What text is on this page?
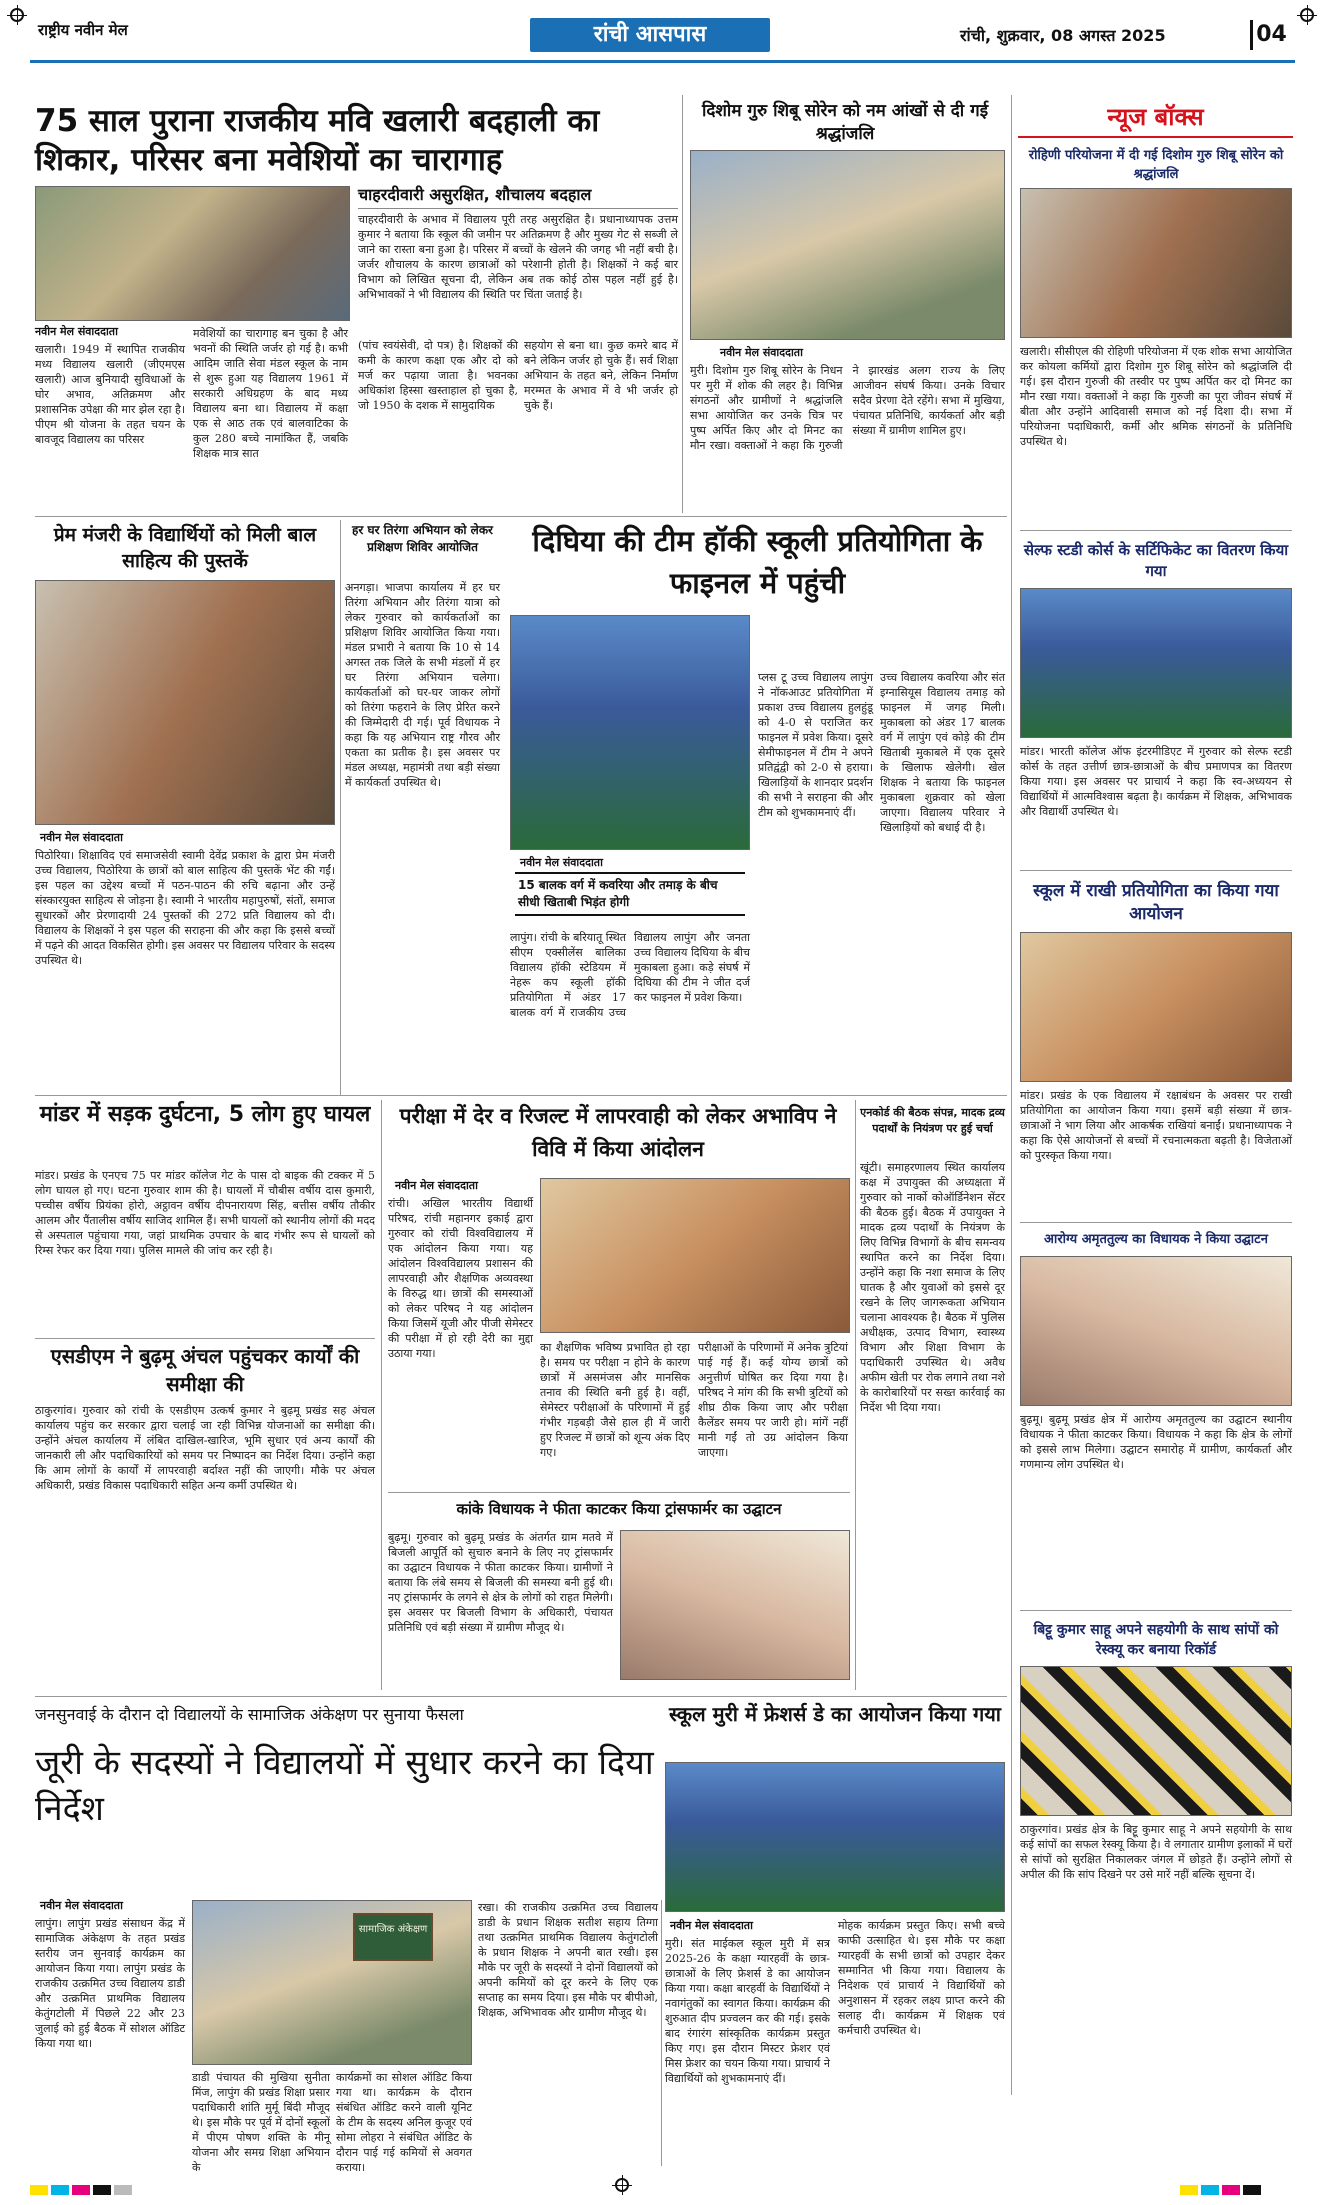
राष्ट्रीय नवीन मेल	रांची आसपास	रांची, शुक्रवार, 08 अगस्त 2025	04
75 साल पुराना राजकीय मवि खलारी बदहाली का शिकार, परिसर बना मवेशियों का चारागाह
नवीन मेल संवाददाता
खलारी। 1949 में स्थापित राजकीय मध्य विद्यालय खलारी (जीएमएस खलारी) आज बुनियादी सुविधाओं के घोर अभाव, अतिक्रमण और प्रशासनिक उपेक्षा की मार झेल रहा है। पीएम श्री योजना के तहत चयन के बावजूद विद्यालय का परिसर
मवेशियों का चारागाह बन चुका है और भवनों की स्थिति जर्जर हो गई है। कभी आदिम जाति सेवा मंडल स्कूल के नाम से शुरू हुआ यह विद्यालय 1961 में सरकारी अधिग्रहण के बाद मध्य विद्यालय बना था। विद्यालय में कक्षा एक से आठ तक एवं बालवाटिका के कुल 280 बच्चे नामांकित हैं, जबकि शिक्षक मात्र सात
चाहरदीवारी असुरक्षित, शौचालय बदहाल
चाहरदीवारी के अभाव में विद्यालय पूरी तरह असुरक्षित है। प्रधानाध्यापक उत्तम कुमार ने बताया कि स्कूल की जमीन पर अतिक्रमण है और मुख्य गेट से सब्जी ले जाने का रास्ता बना हुआ है। परिसर में बच्चों के खेलने की जगह भी नहीं बची है। जर्जर शौचालय के कारण छात्राओं को परेशानी होती है। शिक्षकों ने कई बार विभाग को लिखित सूचना दी, लेकिन अब तक कोई ठोस पहल नहीं हुई है। अभिभावकों ने भी विद्यालय की स्थिति पर चिंता जताई है।
(पांच स्वयंसेवी, दो पत्र) है। शिक्षकों की कमी के कारण कक्षा एक और दो को मर्ज कर पढ़ाया जाता है। भवनका अधिकांश हिस्सा खस्ताहाल हो चुका है, जो 1950 के दशक में सामुदायिक
सहयोग से बना था। कुछ कमरे बाद में बने लेकिन जर्जर हो चुके हैं। सर्व शिक्षा अभियान के तहत बने, लेकिन निर्माण मरम्मत के अभाव में वे भी जर्जर हो चुके हैं।
दिशोम गुरु शिबू सोरेन को नम आंखों से दी गई श्रद्धांजलि
नवीन मेल संवाददाता
मुरी। दिशोम गुरु शिबू सोरेन के निधन पर मुरी में शोक की लहर है। विभिन्न संगठनों और ग्रामीणों ने श्रद्धांजलि सभा आयोजित कर उनके चित्र पर पुष्प अर्पित किए और दो मिनट का मौन रखा। वक्ताओं ने कहा कि गुरुजी ने झारखंड अलग राज्य के लिए आजीवन संघर्ष किया। उनके विचार सदैव प्रेरणा देते रहेंगे। सभा में मुखिया, पंचायत प्रतिनिधि, कार्यकर्ता और बड़ी संख्या में ग्रामीण शामिल हुए।
न्यूज बॉक्स
रोहिणी परियोजना में दी गई दिशोम गुरु शिबू सोरेन को श्रद्धांजलि
खलारी। सीसीएल की रोहिणी परियोजना में एक शोक सभा आयोजित कर कोयला कर्मियों द्वारा दिशोम गुरु शिबू सोरेन को श्रद्धांजलि दी गई। इस दौरान गुरुजी की तस्वीर पर पुष्प अर्पित कर दो मिनट का मौन रखा गया। वक्ताओं ने कहा कि गुरुजी का पूरा जीवन संघर्ष में बीता और उन्होंने आदिवासी समाज को नई दिशा दी। सभा में परियोजना पदाधिकारी, कर्मी और श्रमिक संगठनों के प्रतिनिधि उपस्थित थे।
सेल्फ स्टडी कोर्स के सर्टिफिकेट का वितरण किया गया
मांडर। भारती कॉलेज ऑफ इंटरमीडिएट में गुरुवार को सेल्फ स्टडी कोर्स के तहत उत्तीर्ण छात्र-छात्राओं के बीच प्रमाणपत्र का वितरण किया गया। इस अवसर पर प्राचार्य ने कहा कि स्व-अध्ययन से विद्यार्थियों में आत्मविश्वास बढ़ता है। कार्यक्रम में शिक्षक, अभिभावक और विद्यार्थी उपस्थित थे।
स्कूल में राखी प्रतियोगिता का किया गया आयोजन
मांडर। प्रखंड के एक विद्यालय में रक्षाबंधन के अवसर पर राखी प्रतियोगिता का आयोजन किया गया। इसमें बड़ी संख्या में छात्र-छात्राओं ने भाग लिया और आकर्षक राखियां बनाईं। प्रधानाध्यापक ने कहा कि ऐसे आयोजनों से बच्चों में रचनात्मकता बढ़ती है। विजेताओं को पुरस्कृत किया गया।
आरोग्य अमृततुल्य का विधायक ने किया उद्घाटन
बुढ़मू। बुढ़मू प्रखंड क्षेत्र में आरोग्य अमृततुल्य का उद्घाटन स्थानीय विधायक ने फीता काटकर किया। विधायक ने कहा कि क्षेत्र के लोगों को इससे लाभ मिलेगा। उद्घाटन समारोह में ग्रामीण, कार्यकर्ता और गणमान्य लोग उपस्थित थे।
बिट्टू कुमार साहू अपने सहयोगी के साथ सांपों को रेस्क्यू कर बनाया रिकॉर्ड
ठाकुरगांव। प्रखंड क्षेत्र के बिट्टू कुमार साहू ने अपने सहयोगी के साथ कई सांपों का सफल रेस्क्यू किया है। वे लगातार ग्रामीण इलाकों में घरों से सांपों को सुरक्षित निकालकर जंगल में छोड़ते हैं। उन्होंने लोगों से अपील की कि सांप दिखने पर उसे मारें नहीं बल्कि सूचना दें।
प्रेम मंजरी के विद्यार्थियों को मिली बाल साहित्य की पुस्तकें
नवीन मेल संवाददाता
पिठोरिया। शिक्षाविद एवं समाजसेवी स्वामी देवेंद्र प्रकाश के द्वारा प्रेम मंजरी उच्च विद्यालय, पिठोरिया के छात्रों को बाल साहित्य की पुस्तकें भेंट की गईं। इस पहल का उद्देश्य बच्चों में पठन-पाठन की रुचि बढ़ाना और उन्हें संस्कारयुक्त साहित्य से जोड़ना है। स्वामी ने भारतीय महापुरुषों, संतों, समाज सुधारकों और प्रेरणादायी 24 पुस्तकों की 272 प्रति विद्यालय को दी। विद्यालय के शिक्षकों ने इस पहल की सराहना की और कहा कि इससे बच्चों में पढ़ने की आदत विकसित होगी। इस अवसर पर विद्यालय परिवार के सदस्य उपस्थित थे।
हर घर तिरंगा अभियान को लेकर प्रशिक्षण शिविर आयोजित
अनगड़ा। भाजपा कार्यालय में हर घर तिरंगा अभियान और तिरंगा यात्रा को लेकर गुरुवार को कार्यकर्ताओं का प्रशिक्षण शिविर आयोजित किया गया। मंडल प्रभारी ने बताया कि 10 से 14 अगस्त तक जिले के सभी मंडलों में हर घर तिरंगा अभियान चलेगा। कार्यकर्ताओं को घर-घर जाकर लोगों को तिरंगा फहराने के लिए प्रेरित करने की जिम्मेदारी दी गई। पूर्व विधायक ने कहा कि यह अभियान राष्ट्र गौरव और एकता का प्रतीक है। इस अवसर पर मंडल अध्यक्ष, महामंत्री तथा बड़ी संख्या में कार्यकर्ता उपस्थित थे।
दिघिया की टीम हॉकी स्कूली प्रतियोगिता के फाइनल में पहुंची
नवीन मेल संवाददाता
15 बालक वर्ग में कवरिया और तमाड़ के बीच सीधी खिताबी भिड़ंत होगी
लापुंग। रांची के बरियातू स्थित सीएम एक्सीलेंस बालिका विद्यालय हॉकी स्टेडियम में नेहरू कप स्कूली हॉकी प्रतियोगिता में अंडर 17 बालक वर्ग में राजकीय उच्च विद्यालय लापुंग और जनता उच्च विद्यालय दिघिया के बीच मुकाबला हुआ। कड़े संघर्ष में दिघिया की टीम ने जीत दर्ज कर फाइनल में प्रवेश किया।
प्लस टू उच्च विद्यालय लापुंग ने नॉकआउट प्रतियोगिता में प्रकाश उच्च विद्यालय हुलहुंडू को 4-0 से पराजित कर फाइनल में प्रवेश किया। दूसरे सेमीफाइनल में टीम ने अपने प्रतिद्वंद्वी को 2-0 से हराया। खिलाड़ियों के शानदार प्रदर्शन की सभी ने सराहना की और टीम को शुभकामनाएं दीं।
उच्च विद्यालय कवरिया और संत इग्नासियूस विद्यालय तमाड़ को फाइनल में जगह मिली। मुकाबला को अंडर 17 बालक वर्ग में लापुंग एवं कोड़े की टीम खिताबी मुकाबले में एक दूसरे के खिलाफ खेलेगी। खेल शिक्षक ने बताया कि फाइनल मुकाबला शुक्रवार को खेला जाएगा। विद्यालय परिवार ने खिलाड़ियों को बधाई दी है।
मांडर में सड़क दुर्घटना, 5 लोग हुए घायल
मांडर। प्रखंड के एनएच 75 पर मांडर कॉलेज गेट के पास दो बाइक की टक्कर में 5 लोग घायल हो गए। घटना गुरुवार शाम की है। घायलों में चौबीस वर्षीय दास कुमारी, पच्चीस वर्षीय प्रियंका होरो, अट्ठावन वर्षीय दीपनारायण सिंह, बत्तीस वर्षीय तौकीर आलम और पैंतालीस वर्षीय साजिद शामिल हैं। सभी घायलों को स्थानीय लोगों की मदद से अस्पताल पहुंचाया गया, जहां प्राथमिक उपचार के बाद गंभीर रूप से घायलों को रिम्स रेफर कर दिया गया। पुलिस मामले की जांच कर रही है।
एसडीएम ने बुढ़मू अंचल पहुंचकर कार्यों की समीक्षा की
ठाकुरगांव। गुरुवार को रांची के एसडीएम उत्कर्ष कुमार ने बुढ़मू प्रखंड सह अंचल कार्यालय पहुंच कर सरकार द्वारा चलाई जा रही विभिन्न योजनाओं का समीक्षा की। उन्होंने अंचल कार्यालय में लंबित दाखिल-खारिज, भूमि सुधार एवं अन्य कार्यों की जानकारी ली और पदाधिकारियों को समय पर निष्पादन का निर्देश दिया। उन्होंने कहा कि आम लोगों के कार्यों में लापरवाही बर्दाश्त नहीं की जाएगी। मौके पर अंचल अधिकारी, प्रखंड विकास पदाधिकारी सहित अन्य कर्मी उपस्थित थे।
परीक्षा में देर व रिजल्ट में लापरवाही को लेकर अभाविप ने विवि में किया आंदोलन
नवीन मेल संवाददाता
रांची। अखिल भारतीय विद्यार्थी परिषद, रांची महानगर इकाई द्वारा गुरुवार को रांची विश्वविद्यालय में एक आंदोलन किया गया। यह आंदोलन विश्वविद्यालय प्रशासन की लापरवाही और शैक्षणिक अव्यवस्था के विरुद्ध था। छात्रों की समस्याओं को लेकर परिषद ने यह आंदोलन किया जिसमें यूजी और पीजी सेमेस्टर की परीक्षा में हो रही देरी का मुद्दा उठाया गया।	का शैक्षणिक भविष्य प्रभावित हो रहा है। समय पर परीक्षा न होने के कारण छात्रों में असमंजस और मानसिक तनाव की स्थिति बनी हुई है। वहीं, सेमेस्टर परीक्षाओं के परिणामों में हुई गंभीर गड़बड़ी जैसे हाल ही में जारी हुए रिजल्ट में छात्रों को शून्य अंक दिए गए।
परीक्षाओं के परिणामों में अनेक त्रुटियां पाई गई हैं। कई योग्य छात्रों को अनुत्तीर्ण घोषित कर दिया गया है। परिषद ने मांग की कि सभी त्रुटियों को शीघ्र ठीक किया जाए और परीक्षा कैलेंडर समय पर जारी हो। मांगें नहीं मानी गईं तो उग्र आंदोलन किया जाएगा।
एनकोर्ड की बैठक संपन्न, मादक द्रव्य पदार्थों के नियंत्रण पर हुई चर्चा
खूंटी। समाहरणालय स्थित कार्यालय कक्ष में उपायुक्त की अध्यक्षता में गुरुवार को नार्को कोऑर्डिनेशन सेंटर की बैठक हुई। बैठक में उपायुक्त ने मादक द्रव्य पदार्थों के नियंत्रण के लिए विभिन्न विभागों के बीच समन्वय स्थापित करने का निर्देश दिया। उन्होंने कहा कि नशा समाज के लिए घातक है और युवाओं को इससे दूर रखने के लिए जागरूकता अभियान चलाना आवश्यक है। बैठक में पुलिस अधीक्षक, उत्पाद विभाग, स्वास्थ्य विभाग और शिक्षा विभाग के पदाधिकारी उपस्थित थे। अवैध अफीम खेती पर रोक लगाने तथा नशे के कारोबारियों पर सख्त कार्रवाई का निर्देश भी दिया गया।
कांके विधायक ने फीता काटकर किया ट्रांसफार्मर का उद्घाटन
बुढ़मू। गुरुवार को बुढ़मू प्रखंड के अंतर्गत ग्राम मतवे में बिजली आपूर्ति को सुचारु बनाने के लिए नए ट्रांसफार्मर का उद्घाटन विधायक ने फीता काटकर किया। ग्रामीणों ने बताया कि लंबे समय से बिजली की समस्या बनी हुई थी। नए ट्रांसफार्मर के लगने से क्षेत्र के लोगों को राहत मिलेगी। इस अवसर पर बिजली विभाग के अधिकारी, पंचायत प्रतिनिधि एवं बड़ी संख्या में ग्रामीण मौजूद थे।
जनसुनवाई के दौरान दो विद्यालयों के सामाजिक अंकेक्षण पर सुनाया फैसला	स्कूल मुरी में फ्रेशर्स डे का आयोजन किया गया
जूरी के सदस्यों ने विद्यालयों में सुधार करने का दिया निर्देश
नवीन मेल संवाददाता
लापुंग। लापुंग प्रखंड संसाधन केंद्र में सामाजिक अंकेक्षण के तहत प्रखंड स्तरीय जन सुनवाई कार्यक्रम का आयोजन किया गया। लापुंग प्रखंड के राजकीय उत्क्रमित उच्च विद्यालय डाडी और उत्क्रमित प्राथमिक विद्यालय केतुंगटोली में पिछले 22 और 23 जुलाई को हुई बैठक में सोशल ऑडिट किया गया था।
सामाजिक अंकेक्षण
डाडी पंचायत की मुखिया सुनीता मिंज, लापुंग की प्रखंड शिक्षा प्रसार पदाधिकारी शांति मुर्मू बिंदी मौजूद थे। इस मौके पर पूर्व में दोनों स्कूलों में पीएम पोषण शक्ति के मीनू योजना और समग्र शिक्षा अभियान के
कार्यक्रमों का सोशल ऑडिट किया गया था। कार्यक्रम के दौरान संबंधित ऑडिट करने वाली यूनिट के टीम के सदस्य अनिल कुजूर एवं सोमा लोहरा ने संबंधित ऑडिट के दौरान पाई गई कमियों से अवगत कराया।
रखा। की राजकीय उत्क्रमित उच्च विद्यालय डाडी के प्रधान शिक्षक सतीश सहाय तिग्गा तथा उत्क्रमित प्राथमिक विद्यालय केतुंगटोली के प्रधान शिक्षक ने अपनी बात रखी। इस मौके पर जूरी के सदस्यों ने दोनों विद्यालयों को अपनी कमियों को दूर करने के लिए एक सप्ताह का समय दिया। इस मौके पर बीपीओ, शिक्षक, अभिभावक और ग्रामीण मौजूद थे।
नवीन मेल संवाददाता
मुरी। संत माईकल स्कूल मुरी में सत्र 2025-26 के कक्षा ग्यारहवीं के छात्र-छात्राओं के लिए फ्रेशर्स डे का आयोजन किया गया। कक्षा बारहवीं के विद्यार्थियों ने नवागंतुकों का स्वागत किया। कार्यक्रम की शुरुआत दीप प्रज्वलन कर की गई। इसके बाद रंगारंग सांस्कृतिक कार्यक्रम प्रस्तुत किए गए। इस दौरान मिस्टर फ्रेशर एवं मिस फ्रेशर का चयन किया गया। प्राचार्य ने विद्यार्थियों को शुभकामनाएं दीं।
मोहक कार्यक्रम प्रस्तुत किए। सभी बच्चे काफी उत्साहित थे। इस मौके पर कक्षा ग्यारहवीं के सभी छात्रों को उपहार देकर सम्मानित भी किया गया। विद्यालय के निदेशक एवं प्राचार्य ने विद्यार्थियों को अनुशासन में रहकर लक्ष्य प्राप्त करने की सलाह दी। कार्यक्रम में शिक्षक एवं कर्मचारी उपस्थित थे।
